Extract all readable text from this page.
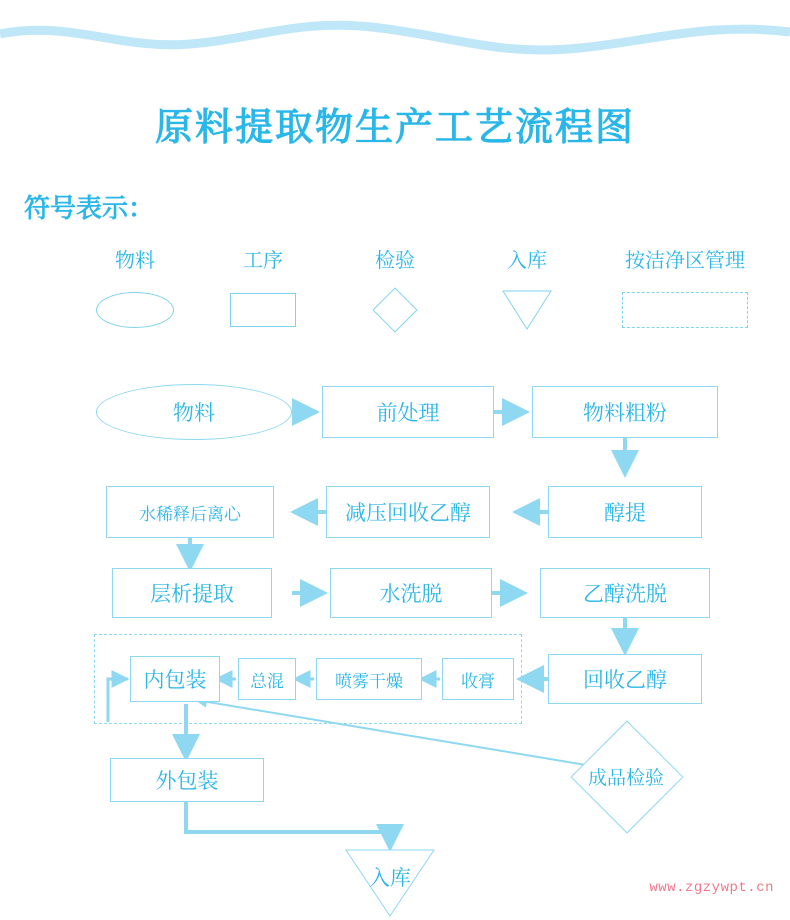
原料提取物生产工艺流程图
符号表示：
物料	工序	检验	入库	按洁净区管理
物料	前处理	物料粗粉
醇提
减压回收乙醇
水稀释后离心
层析提取	水洗脱	乙醇洗脱
回收乙醇
收膏
喷雾干燥
总混
内包装
外包装	成品检验
入库	www.zgzywpt.cn
